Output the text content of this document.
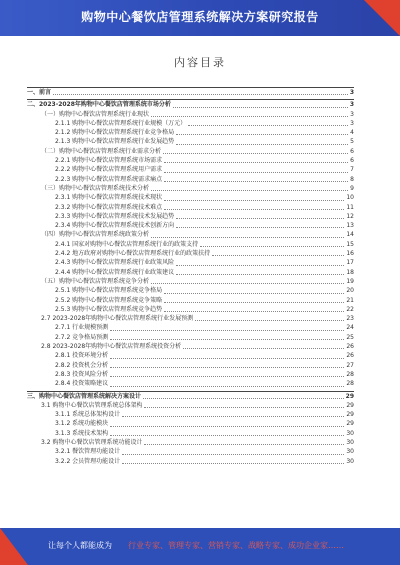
购物中心餐饮店管理系统解决方案研究报告
内容目录
一、前言	3
二、2023-2028年购物中心餐饮店管理系统市场分析	3
（一）购物中心餐饮店管理系统行业现状	3
2.1.1 购物中心餐饮店管理系统行业规模（万元）	3
2.1.2 购物中心餐饮店管理系统行业竞争格局	4
2.1.3 购物中心餐饮店管理系统行业发展趋势	5
（二）购物中心餐饮店管理系统行业需求分析	6
2.2.1 购物中心餐饮店管理系统市场需求	6
2.2.2 购物中心餐饮店管理系统用户需求	7
2.2.3 购物中心餐饮店管理系统需求痛点	8
（三）购物中心餐饮店管理系统技术分析	9
2.3.1 购物中心餐饮店管理系统技术现状	10
2.3.2 购物中心餐饮店管理系统技术难点	11
2.3.3 购物中心餐饮店管理系统技术发展趋势	12
2.3.4 购物中心餐饮店管理系统技术创新方向	13
（四）购物中心餐饮店管理系统政策分析	14
2.4.1 国家对购物中心餐饮店管理系统行业的政策支持	15
2.4.2 地方政府对购物中心餐饮店管理系统行业的政策扶持	16
2.4.3 购物中心餐饮店管理系统行业政策风险	17
2.4.4 购物中心餐饮店管理系统行业政策建议	18
（五）购物中心餐饮店管理系统竞争分析	19
2.5.1 购物中心餐饮店管理系统竞争格局	20
2.5.2 购物中心餐饮店管理系统竞争策略	21
2.5.3 购物中心餐饮店管理系统竞争趋势	22
2.7 2023-2028年购物中心餐饮店管理系统行业发展预测	23
2.7.1 行业规模预测	24
2.7.2 竞争格局预测	25
2.8 2023-2028年购物中心餐饮店管理系统投资分析	26
2.8.1 投资环境分析	26
2.8.2 投资机会分析	27
2.8.3 投资风险分析	28
2.8.4 投资策略建议	28
三、购物中心餐饮店管理系统解决方案设计	29
3.1 购物中心餐饮店管理系统总体架构	29
3.1.1 系统总体架构设计	29
3.1.2 系统功能模块	29
3.1.3 系统技术架构	30
3.2 购物中心餐饮店管理系统功能设计	30
3.2.1 餐饮管理功能设计	30
3.2.2 会员管理功能设计	30
让每个人都能成为 行业专家、管理专家、营销专家、战略专家、成功企业家……
